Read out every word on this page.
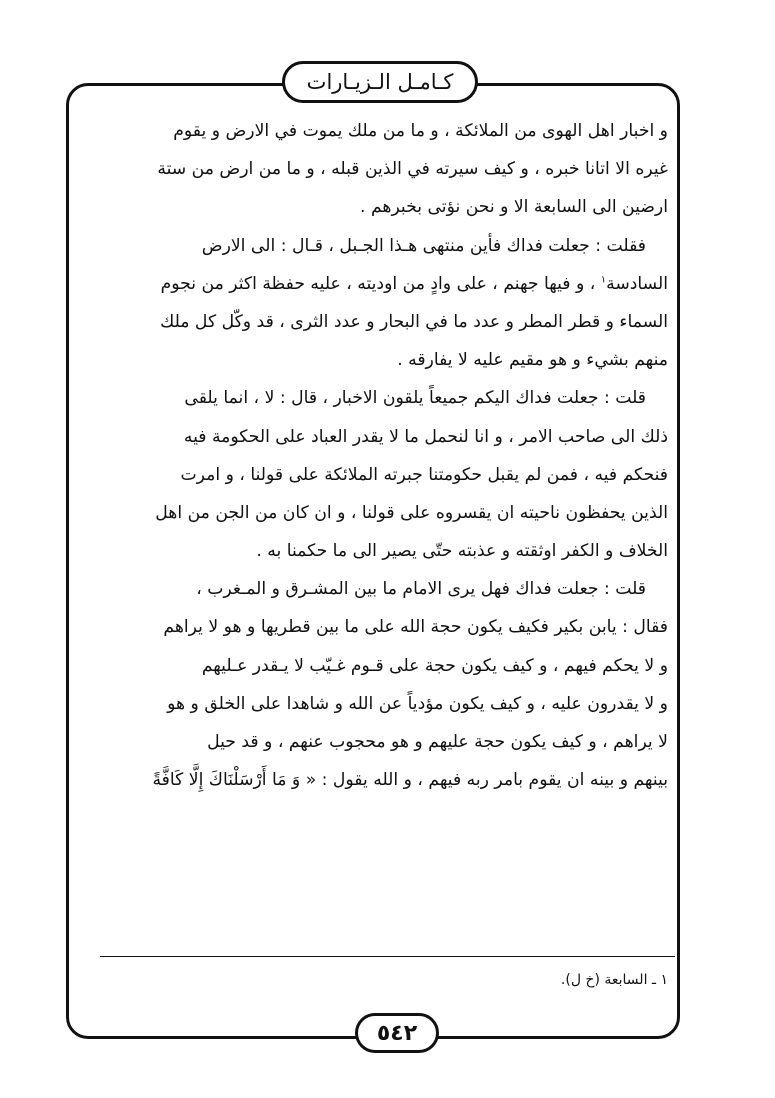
كـامـل الـزيـارات
و اخبار اهل الهوى من الملائكة ، و ما من ملك يموت في الارض و يقوم
غيره الا اتانا خبره ، و كيف سيرته في الذين قبله ، و ما من ارض من ستة
ارضين الى السابعة الا و نحن نؤتى بخبرهم .
فقلت : جعلت فداك فأين منتهى هـذا الجـبل ، قـال : الى الارض
السادسة$^١$ ، و فيها جهنم ، على وادٍ من اوديته ، عليه حفظة اكثر من نجوم
السماء و قطر المطر و عدد ما في البحار و عدد الثرى ، قد وكّل كل ملك
منهم بشيء و هو مقيم عليه لا يفارقه .
قلت : جعلت فداك اليكم جميعاً يلقون الاخبار ، قال : لا ، انما يلقى
ذلك الى صاحب الامر ، و انا لنحمل ما لا يقدر العباد على الحكومة فيه
فنحكم فيه ، فمن لم يقبل حكومتنا جبرته الملائكة على قولنا ، و امرت
الذين يحفظون ناحيته ان يقسروه على قولنا ، و ان كان من الجن من اهل
الخلاف و الكفر اوثقته و عذبته حتّى يصير الى ما حكمنا به .
قلت : جعلت فداك فهل يرى الامام ما بين المشـرق و المـغرب ،
فقال : يابن بكير فكيف يكون حجة الله على ما بين قطريها و هو لا يراهم
و لا يحكم فيهم ، و كيف يكون حجة على قـوم غـيّب لا يـقدر عـليهم
و لا يقدرون عليه ، و كيف يكون مؤدياً عن الله و شاهدا على الخلق و هو
لا يراهم ، و كيف يكون حجة عليهم و هو محجوب عنهم ، و قد حيل
بينهم و بينه ان يقوم بامر ربه فيهم ، و الله يقول : « وَ مَا أَرْسَلْنَاكَ إِلَّا كَافَّةً
١ ـ السابعة (خ ل).
٥٤٢
